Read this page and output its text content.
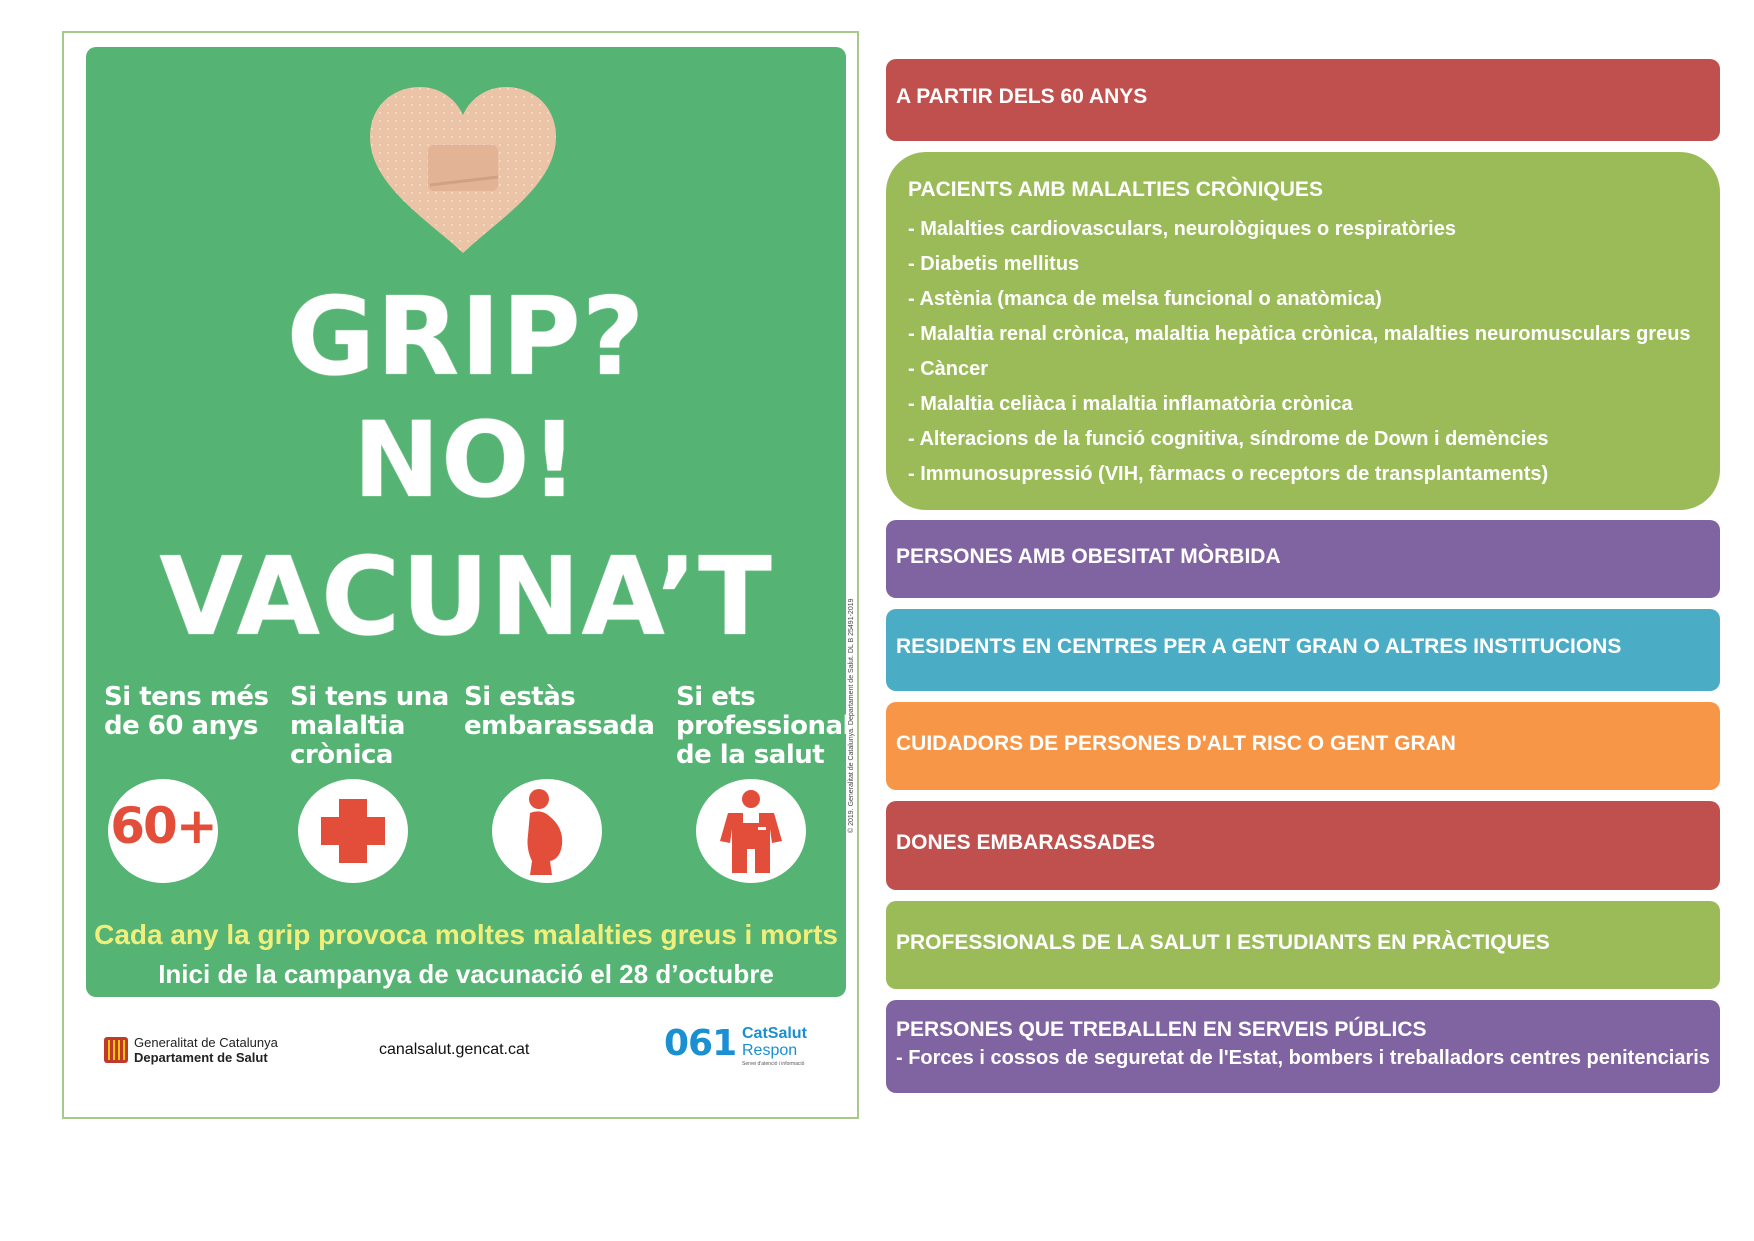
GRIP?
NO!
VACUNA’T
Si tens més
de 60 anys
Si tens una
malaltia
crònica
Si estàs
embarassada
Si ets
professional
de la salut
60+
Cada any la grip provoca moltes malalties greus i morts
Inici de la campanya de vacunació el 28 d’octubre
© 2019. Generalitat de Catalunya. Departament de Salut. DL B 25491-2019
Generalitat de Catalunya
Departament de Salut	canalsalut.gencat.cat	061 CatSalut
Respon
Servei d'atenció i informació
A PARTIR DELS 60 ANYS
PACIENTS AMB MALALTIES CRÒNIQUES
- Malalties cardiovasculars, neurològiques o respiratòries
- Diabetis mellitus
- Astènia (manca de melsa funcional o anatòmica)
- Malaltia renal crònica, malaltia hepàtica crònica, malalties neuromusculars greus
- Càncer
- Malaltia celiàca i malaltia inflamatòria crònica
- Alteracions de la funció cognitiva, síndrome de Down i demències
- Immunosupressió (VIH, fàrmacs o receptors de transplantaments)
PERSONES AMB OBESITAT MÒRBIDA
RESIDENTS EN CENTRES PER A GENT GRAN O ALTRES INSTITUCIONS
CUIDADORS DE PERSONES D'ALT RISC O GENT GRAN
DONES EMBARASSADES
PROFESSIONALS DE LA SALUT I ESTUDIANTS EN PRÀCTIQUES
PERSONES QUE TREBALLEN EN SERVEIS PÚBLICS
- Forces i cossos de seguretat de l'Estat, bombers i treballadors centres penitenciaris
